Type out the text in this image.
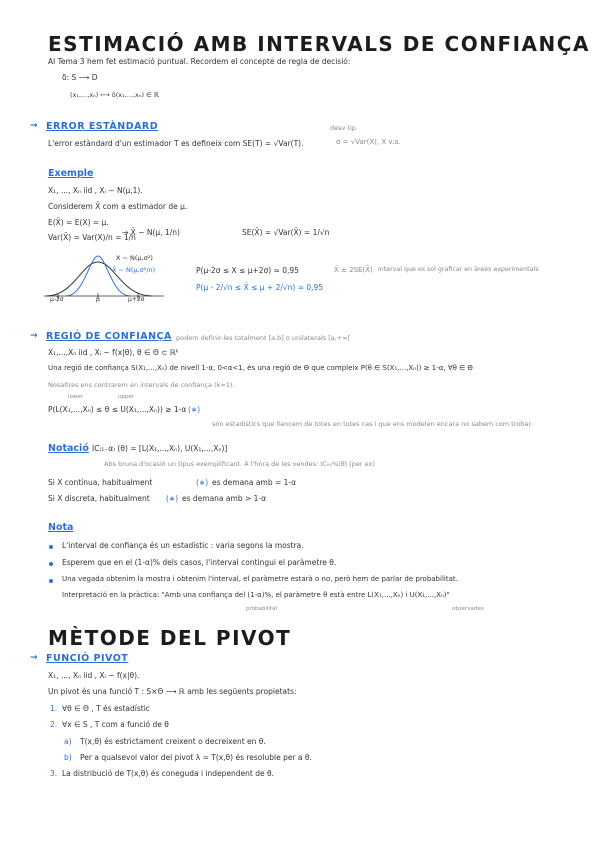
ESTIMACIÓ AMB INTERVALS DE CONFIANÇA
Al Tema 3 hem fet estimació puntual. Recordem el concepte de regla de decisió:
δ: S ⟶ D
(x₁,...,xₙ) ⟼ δ(x₁,...,xₙ) ∈ ℝ
→ ERROR ESTÀNDARD	desv tip
L'error estàndard d'un estimador T es defineix com SE(T) = √Var(T).	σ = √Var(X), X v.a.
Exemple
X₁, ..., Xₙ iid , Xᵢ ~ N(μ,1).
Considerem X̄ com a estimador de μ.
E(X̄) = E(X) = μ.
Var(X̄) = Var(X)/n = 1/n
→ X̄ ~ N(μ, 1/n)	SE(X̄) = √Var(X̄) = 1/√n
X ~ N(μ,σ²)
X̄ ~ N(μ,σ²/n)
μ-2σ	μ	μ+2σ
P(μ-2σ ≤ X ≤ μ+2σ) ≈ 0,95
P(μ - 2/√n ≤ X̄ ≤ μ + 2/√n) ≈ 0,95
X̄ ± 2SE(X̄) interval que es sol graficar en àrees experimentals
→ REGIÓ DE CONFIANÇA podem definir-les totalment [a,b] o unilaterals [a,+∞[
X₁,...,Xₙ iid , Xᵢ ~ f(x|θ), θ ∈ Θ ⊂ ℝᵏ
Una regió de confiança S(X₁,...,Xₙ) de nivell 1-α, 0<α<1, és una regió de Θ que compleix P(θ ∈ S(X₁,...,Xₙ)) ≥ 1-α, ∀θ ∈ Θ
Nosaltres ens centrarem en intervals de confiança (k=1).
lower	upper
P(L(X₁,...,Xₙ) ≤ θ ≤ U(X₁,...,Xₙ)) ≥ 1-α (∗)
són estadístics que llancem de totes en totes cas i que ens modelen encara no sabem com trobar.
Notació IC₍₁₋α₎ (θ) = [L(X₁,...,Xₙ), U(X₁,...,Xₙ)]
Abs bruna d'ocasió un tipus exemplificant. A l'hora de les vendes: IC₉₅%(θ) (per ex)
Si X contínua, habitualment	(∗) es demana amb = 1-α
Si X discreta, habitualment (∗) es demana amb > 1-α
Nota
L'interval de confiança és un estadístic : varia segons la mostra.
Esperem que en el (1-α)% dels casos, l'interval contingui el paràmetre θ.
Una vegada obtenim la mostra i obtenim l'interval, el paràmetre estarà o no, però hem de parlar de probabilitat.
Interpretació en la pràctica: "Amb una confiança del (1-α)%, el paràmetre θ està entre L(X₁,...,Xₙ) i U(X₁,...,Xₙ)"
probabilitat	observades
MÈTODE DEL PIVOT
→ FUNCIÓ PIVOT
X₁, ..., Xₙ iid , Xᵢ ~ f(x|θ).
Un pivot és una funció T : S×Θ ⟶ ℝ amb les següents propietats:
1. ∀θ ∈ Θ , T és estadístic
2. ∀x ∈ S , T com a funció de θ
a) T(x,θ) és estrictament creixent o decreixent en θ.
b) Per a qualsevol valor del pivot λ = T(x,θ) és resoluble per a θ.
3. La distribució de T(x,θ) és coneguda i independent de θ.
